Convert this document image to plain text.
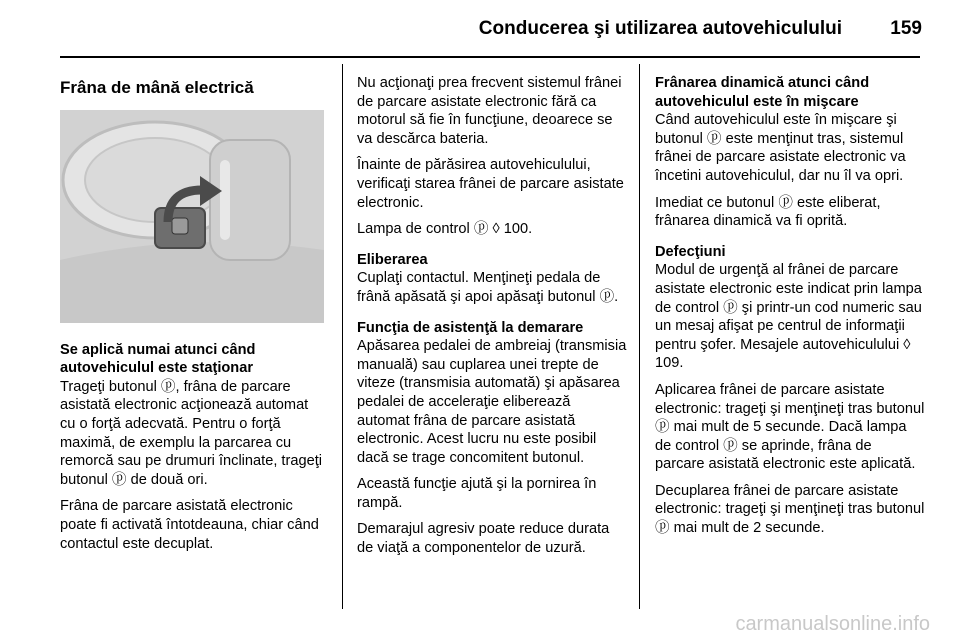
Conducerea şi utilizarea autovehiculului	159
Frâna de mână electrică
Se aplică numai atunci când autovehiculul este staţionar

Trageţi butonul ⓟ, frâna de parcare asistată electronic acţionează automat cu o forţă adecvată. Pentru o forţă maximă, de exemplu la parcarea cu remorcă sau pe drumuri înclinate, trageţi butonul ⓟ de două ori.

Frâna de parcare asistată electronic poate fi activată întotdeauna, chiar când contactul este decuplat.

Nu acţionaţi prea frecvent sistemul frânei de parcare asistate electronic fără ca motorul să fie în funcţiune, deoarece se va descărca bateria.

Înainte de părăsirea autovehiculului, verificaţi starea frânei de parcare asistate electronic.

Lampa de control ⓟ ◊ 100.

Eliberarea

Cuplaţi contactul. Menţineţi pedala de frână apăsată şi apoi apăsaţi butonul ⓟ.

Funcţia de asistenţă la demarare

Apăsarea pedalei de ambreiaj (transmisia manuală) sau cuplarea unei trepte de viteze (transmisia automată) şi apăsarea pedalei de acceleraţie eliberează automat frâna de parcare asistată electronic. Acest lucru nu este posibil dacă se trage concomitent butonul.

Această funcţie ajută şi la pornirea în rampă.

Demarajul agresiv poate reduce durata de viaţă a componentelor de uzură.

Frânarea dinamică atunci când autovehiculul este în mişcare

Când autovehiculul este în mişcare şi butonul ⓟ este menţinut tras, sistemul frânei de parcare asistate electronic va încetini autovehiculul, dar nu îl va opri.

Imediat ce butonul ⓟ este eliberat, frânarea dinamică va fi oprită.

Defecţiuni

Modul de urgenţă al frânei de parcare asistate electronic este indicat prin lampa de control ⓟ şi printr-un cod numeric sau un mesaj afişat pe centrul de informaţii pentru şofer. Mesajele autovehiculului ◊ 109.

Aplicarea frânei de parcare asistate electronic: trageţi şi menţineţi tras butonul ⓟ mai mult de 5 secunde. Dacă lampa de control ⓟ se aprinde, frâna de parcare asistată electronic este aplicată.

Decuplarea frânei de parcare asistate electronic: trageţi şi menţineţi tras butonul ⓟ mai mult de 2 secunde.

carmanualsonline.info
